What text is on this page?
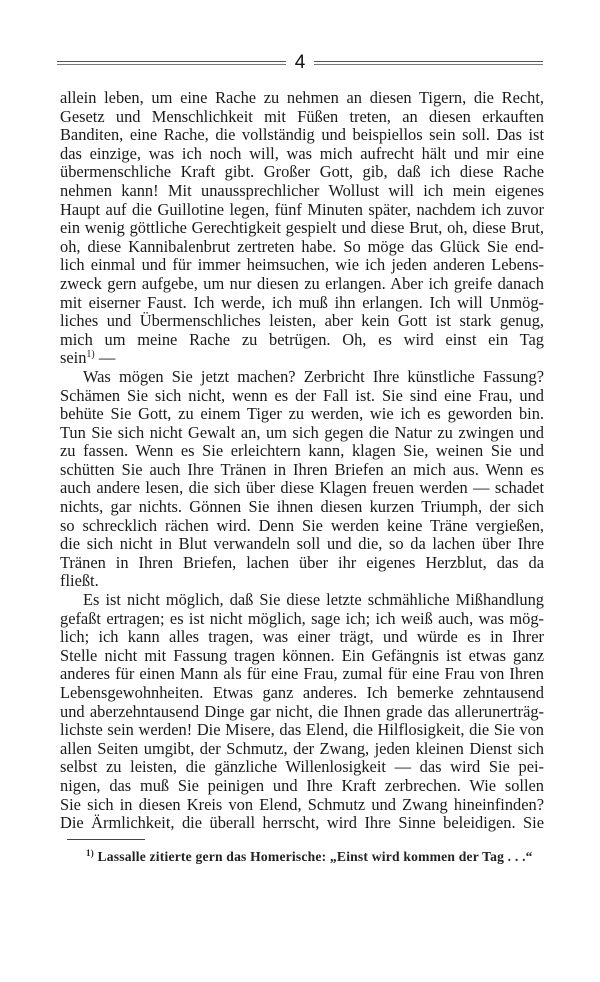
4
allein leben, um eine Rache zu nehmen an diesen Tigern, die Recht,
Gesetz und Menschlichkeit mit Füßen treten, an diesen erkauften
Banditen, eine Rache, die vollständig und beispiellos sein soll. Das ist
das einzige, was ich noch will, was mich aufrecht hält und mir eine
übermenschliche Kraft gibt. Großer Gott, gib, daß ich diese Rache
nehmen kann! Mit unaussprechlicher Wollust will ich mein eigenes
Haupt auf die Guillotine legen, fünf Minuten später, nachdem ich zuvor
ein wenig göttliche Gerechtigkeit gespielt und diese Brut, oh, diese Brut,
oh, diese Kannibalenbrut zertreten habe. So möge das Glück Sie end-
lich einmal und für immer heimsuchen, wie ich jeden anderen Lebens-
zweck gern aufgebe, um nur diesen zu erlangen. Aber ich greife danach
mit eiserner Faust. Ich werde, ich muß ihn erlangen. Ich will Unmög-
liches und Übermenschliches leisten, aber kein Gott ist stark genug,
mich um meine Rache zu betrügen. Oh, es wird einst ein Tag
sein$^{1)}$ —
Was mögen Sie jetzt machen? Zerbricht Ihre künstliche Fassung?
Schämen Sie sich nicht, wenn es der Fall ist. Sie sind eine Frau, und
behüte Sie Gott, zu einem Tiger zu werden, wie ich es geworden bin.
Tun Sie sich nicht Gewalt an, um sich gegen die Natur zu zwingen und
zu fassen. Wenn es Sie erleichtern kann, klagen Sie, weinen Sie und
schütten Sie auch Ihre Tränen in Ihren Briefen an mich aus. Wenn es
auch andere lesen, die sich über diese Klagen freuen werden — schadet
nichts, gar nichts. Gönnen Sie ihnen diesen kurzen Triumph, der sich
so schrecklich rächen wird. Denn Sie werden keine Träne vergießen,
die sich nicht in Blut verwandeln soll und die, so da lachen über Ihre
Tränen in Ihren Briefen, lachen über ihr eigenes Herzblut, das da
fließt.
Es ist nicht möglich, daß Sie diese letzte schmähliche Mißhandlung
gefaßt ertragen; es ist nicht möglich, sage ich; ich weiß auch, was mög-
lich; ich kann alles tragen, was einer trägt, und würde es in Ihrer
Stelle nicht mit Fassung tragen können. Ein Gefängnis ist etwas ganz
anderes für einen Mann als für eine Frau, zumal für eine Frau von Ihren
Lebensgewohnheiten. Etwas ganz anderes. Ich bemerke zehntausend
und aberzehntausend Dinge gar nicht, die Ihnen grade das allerunerträg-
lichste sein werden! Die Misere, das Elend, die Hilflosigkeit, die Sie von
allen Seiten umgibt, der Schmutz, der Zwang, jeden kleinen Dienst sich
selbst zu leisten, die gänzliche Willenlosigkeit — das wird Sie pei-
nigen, das muß Sie peinigen und Ihre Kraft zerbrechen. Wie sollen
Sie sich in diesen Kreis von Elend, Schmutz und Zwang hineinfinden?
Die Ärmlichkeit, die überall herrscht, wird Ihre Sinne beleidigen. Sie
$^{1)}$ Lassalle zitierte gern das Homerische: „Einst wird kommen der Tag . . .“
